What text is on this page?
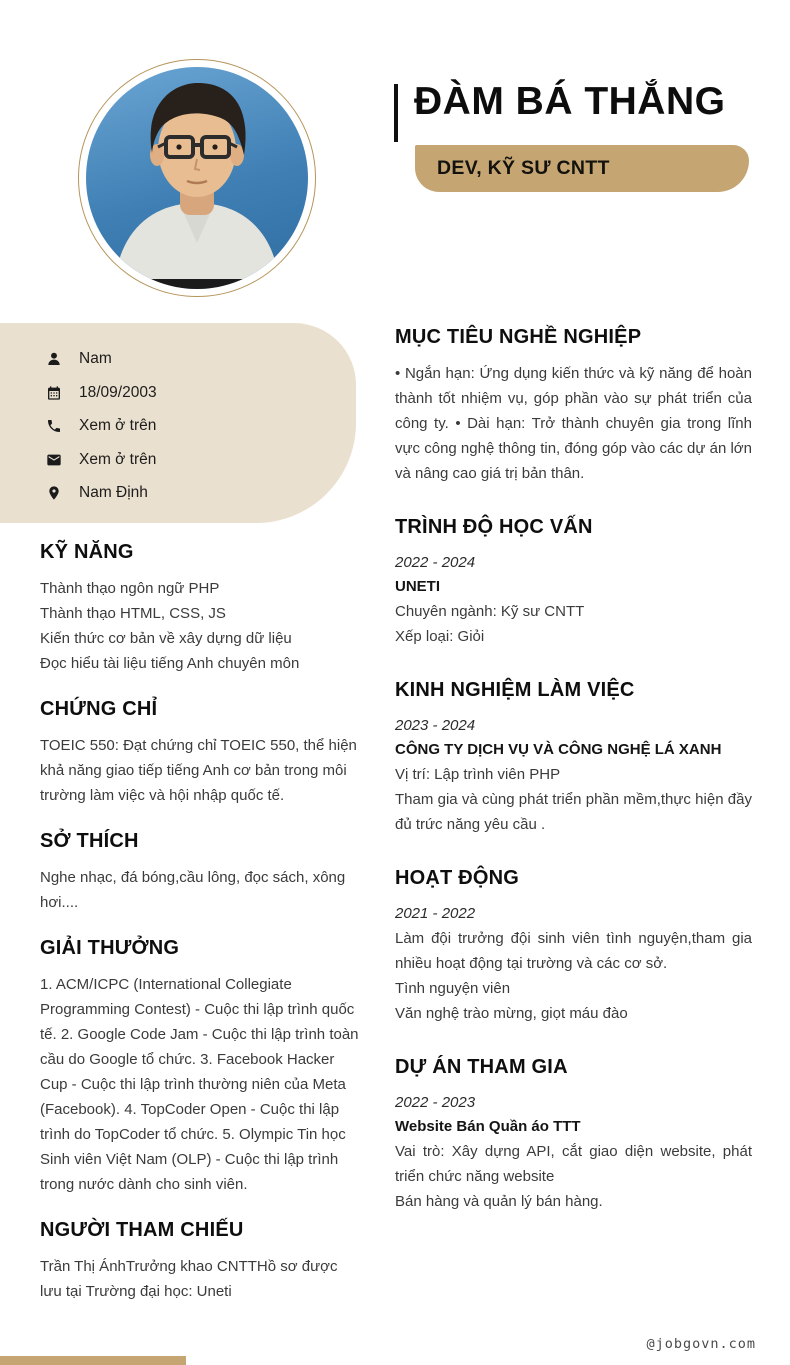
ĐÀM BÁ THẮNG
DEV, KỸ SƯ CNTT
Nam
18/09/2003
Xem ở trên
Xem ở trên
Nam Định
KỸ NĂNG
Thành thạo ngôn ngữ PHP
Thành thạo HTML, CSS, JS
Kiến thức cơ bản về xây dựng dữ liệu
Đọc hiểu tài liệu tiếng Anh chuyên môn
CHỨNG CHỈ

TOEIC 550: Đạt chứng chỉ TOEIC 550, thể hiện khả năng giao tiếp tiếng Anh cơ bản trong môi trường làm việc và hội nhập quốc tế.

SỞ THÍCH

Nghe nhạc, đá bóng,cầu lông, đọc sách, xông hơi....

GIẢI THƯỞNG

1. ACM/ICPC (International Collegiate Programming Contest) - Cuộc thi lập trình quốc tế. 2. Google Code Jam - Cuộc thi lập trình toàn cầu do Google tổ chức. 3. Facebook Hacker Cup - Cuộc thi lập trình thường niên của Meta (Facebook). 4. TopCoder Open - Cuộc thi lập trình do TopCoder tổ chức. 5. Olympic Tin học Sinh viên Việt Nam (OLP) - Cuộc thi lập trình trong nước dành cho sinh viên.

NGƯỜI THAM CHIẾU

Trần Thị ÁnhTrưởng khao CNTTHồ sơ được lưu tại Trường đại học: Uneti

MỤC TIÊU NGHỀ NGHIỆP

• Ngắn hạn: Ứng dụng kiến thức và kỹ năng để hoàn thành tốt nhiệm vụ, góp phần vào sự phát triển của công ty. • Dài hạn: Trở thành chuyên gia trong lĩnh vực công nghệ thông tin, đóng góp vào các dự án lớn và nâng cao giá trị bản thân.

TRÌNH ĐỘ HỌC VẤN
2022 - 2024
UNETI
Chuyên ngành: Kỹ sư CNTT
Xếp loại: Giỏi
KINH NGHIỆM LÀM VIỆC
2023 - 2024
CÔNG TY DỊCH VỤ VÀ CÔNG NGHỆ LÁ XANH
Vị trí: Lập trình viên PHP

Tham gia và cùng phát triển phần mềm,thực hiện đầy đủ trức năng yêu cầu .

HOẠT ĐỘNG
2021 - 2022

Làm đội trưởng đội sinh viên tình nguyện,tham gia nhiều hoạt động tại trường và các cơ sở.

Tình nguyện viên
Văn nghệ trào mừng, giọt máu đào
DỰ ÁN THAM GIA
2022 - 2023
Website Bán Quần áo TTT

Vai trò: Xây dựng API, cắt giao diện website, phát triển chức năng website

Bán hàng và quản lý bán hàng.
@jobgovn.com
